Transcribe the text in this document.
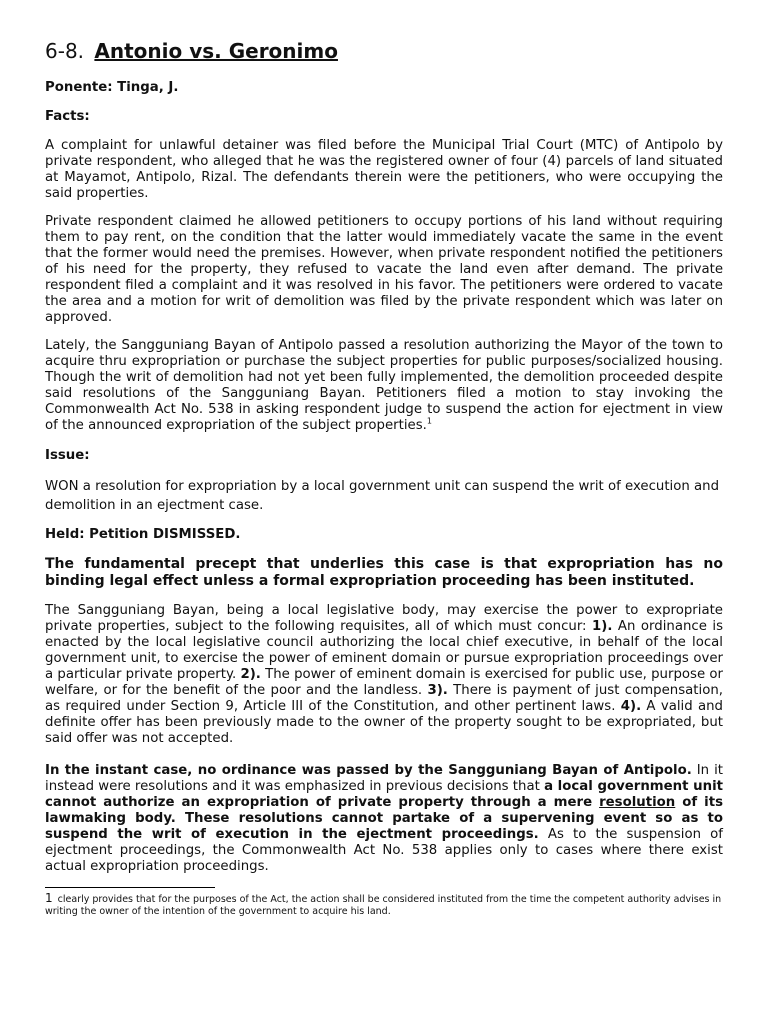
6-8. Antonio vs. Geronimo
Ponente: Tinga, J.
Facts:

A complaint for unlawful detainer was filed before the Municipal Trial Court (MTC) of Antipolo by private respondent, who alleged that he was the registered owner of four (4) parcels of land situated at Mayamot, Antipolo, Rizal. The defendants therein were the petitioners, who were occupying the said properties.

Private respondent claimed he allowed petitioners to occupy portions of his land without requiring them to pay rent, on the condition that the latter would immediately vacate the same in the event that the former would need the premises. However, when private respondent notified the petitioners of his need for the property, they refused to vacate the land even after demand. The private respondent filed a complaint and it was resolved in his favor. The petitioners were ordered to vacate the area and a motion for writ of demolition was filed by the private respondent which was later on approved.

Lately, the Sangguniang Bayan of Antipolo passed a resolution authorizing the Mayor of the town to acquire thru expropriation or purchase the subject properties for public purposes/socialized housing. Though the writ of demolition had not yet been fully implemented, the demolition proceeded despite said resolutions of the Sangguniang Bayan. Petitioners filed a motion to stay invoking the Commonwealth Act No. 538 in asking respondent judge to suspend the action for ejectment in view of the announced expropriation of the subject properties.$^1$

Issue:

WON a resolution for expropriation by a local government unit can suspend the writ of execution and demolition in an ejectment case.

Held: Petition DISMISSED.

The fundamental precept that underlies this case is that expropriation has no binding legal effect unless a formal expropriation proceeding has been instituted.

The Sangguniang Bayan, being a local legislative body, may exercise the power to expropriate private properties, subject to the following requisites, all of which must concur: 1). An ordinance is enacted by the local legislative council authorizing the local chief executive, in behalf of the local government unit, to exercise the power of eminent domain or pursue expropriation proceedings over a particular private property. 2). The power of eminent domain is exercised for public use, purpose or welfare, or for the benefit of the poor and the landless. 3). There is payment of just compensation, as required under Section 9, Article III of the Constitution, and other pertinent laws. 4). A valid and definite offer has been previously made to the owner of the property sought to be expropriated, but said offer was not accepted.

In the instant case, no ordinance was passed by the Sangguniang Bayan of Antipolo. In it instead were resolutions and it was emphasized in previous decisions that a local government unit cannot authorize an expropriation of private property through a mere resolution of its lawmaking body. These resolutions cannot partake of a supervening event so as to suspend the writ of execution in the ejectment proceedings. As to the suspension of ejectment proceedings, the Commonwealth Act No. 538 applies only to cases where there exist actual expropriation proceedings.

1 clearly provides that for the purposes of the Act, the action shall be considered instituted from the time the competent authority advises in writing the owner of the intention of the government to acquire his land.
